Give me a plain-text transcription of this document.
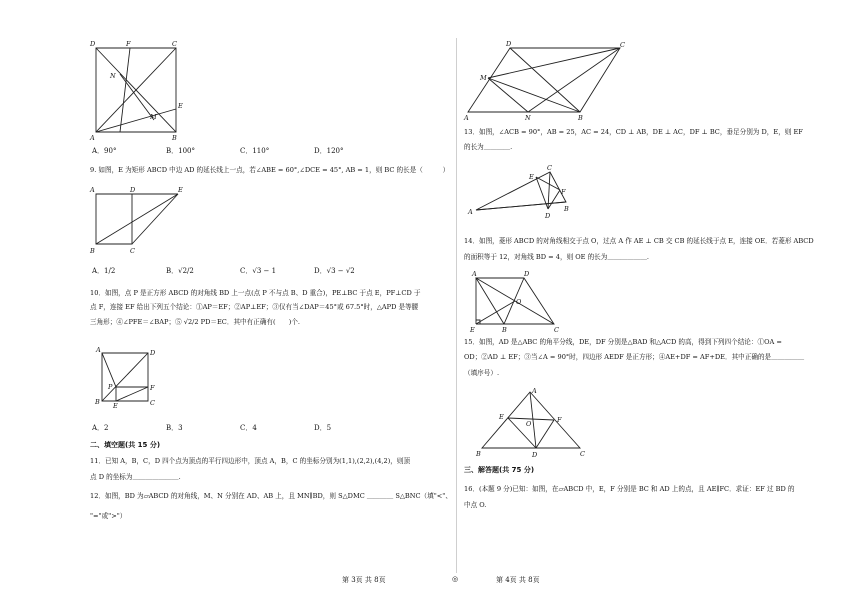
D	F	C
N
E
M
A	B
A．90°	B．100°	C．110°	D．120°
9. 如图，E 为矩形 ABCD 中边 AD 的延长线上一点，若∠ABE = 60°,∠DCE = 45°, AB = 1，则 BC 的长是（　　　）
A	D	E
B	C
A．1/2	B．√2/2	C．√3 − 1	D．√3 − √2
10．如图，点 P 是正方形 ABCD 的对角线 BD 上一点(点 P 不与点 B、D 重合)，PE⊥BC 于点 E，PF⊥CD 于
点 F，连接 EF 给出下列五个结论：①AP＝EF；②AP⊥EF；③仅有当∠DAP＝45°或 67.5°时，△APD 是等腰
三角形；④∠PFE＝∠BAP；⑤ √2/2 PD＝EC．其中有正确有(　　)个.
A	D
F
E
B	C
P
A．2	B．3	C．4	D．5
二、填空题(共 15 分)
11．已知 A，B，C，D 四个点为顶点的平行四边形中，顶点 A，B，C 的坐标分别为(1,1),(2,2),(4,2)，则顶
点 D 的坐标为＿＿＿＿＿＿＿.
12．如图，BD 为▱ABCD 的对角线，M、N 分别在 AD、AB 上，且 MN∥BD，则 S△DMC ＿＿＿＿ S△BNC（填"<"、
"="或">"）
D	C
M
A	N	B
13．如图，∠ACB = 90°，AB = 25，AC = 24，CD ⊥ AB，DE ⊥ AC，DF ⊥ BC，垂足分别为 D，E，则 EF
的长为＿＿＿＿.
C
E
A	D
F
B
14．如图，菱形 ABCD 的对角线相交于点 O，过点 A 作 AE ⊥ CB 交 CB 的延长线于点 E，连接 OE．若菱形 ABCD
的面积等于 12，对角线 BD = 4，则 OE 的长为＿＿＿＿＿＿.
A	D
O
E	B	C
15．如图，AD 是△ABC 的角平分线，DE，DF 分别是△BAD 和△ACD 的高，得到下列四个结论：①OA =
OD；②AD ⊥ EF；③当∠A = 90°时，四边形 AEDF 是正方形；④AE+DF = AF+DE．其中正确的是＿＿＿＿＿
（填序号）.
A
E
O	F
B	D	C
三、解答题(共 75 分)
16．(本题 9 分)已知：如图，在▱ABCD 中，E，F 分别是 BC 和 AD 上的点，且 AE∥FC．求证：EF 过 BD 的
中点 O.
第 3页 共 8页	◎	第 4页 共 8页
